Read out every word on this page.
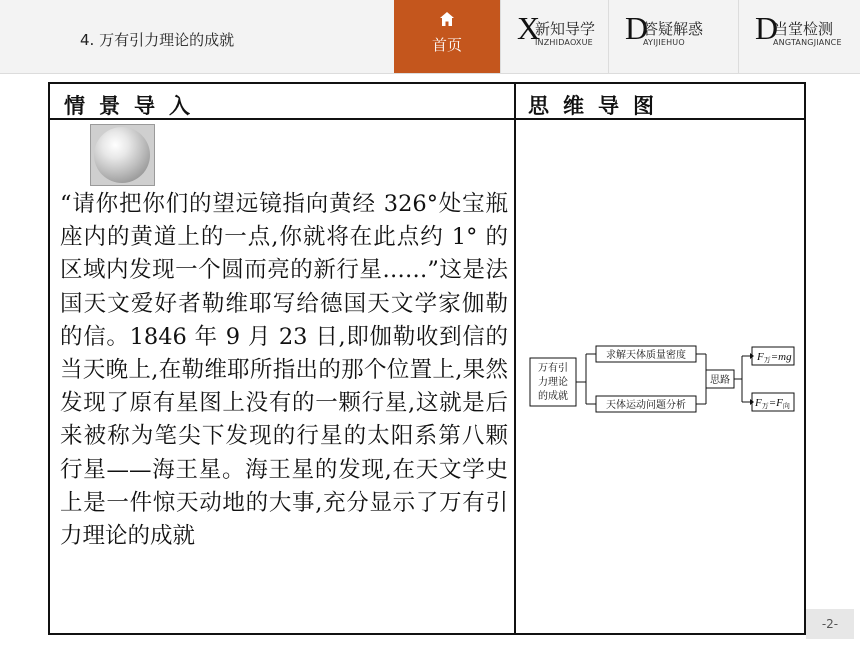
4. 万有引力理论的成就	首页	X
新知导学
INZHIDAOXUE D
答疑解惑
AYIJIEHUO D
当堂检测
ANGTANGJIANCE
情景导入	思维导图
“请你把你们的望远镜指向黄经 326°处宝瓶座内的黄道上的一点,你就将在此点约 1° 的区域内发现一个圆而亮的新行星……”这是法国天文爱好者勒维耶写给德国天文学家伽勒的信。1846 年 9 月 23 日,即伽勒收到信的当天晚上,在勒维耶所指出的那个位置上,果然发现了原有星图上没有的一颗行星,这就是后来被称为笔尖下发现的行星的太阳系第八颗行星——海王星。海王星的发现,在天文学史上是一件惊天动地的大事,充分显示了万有引力理论的成就
万有引
力理论
的成就
求解天体质量密度
天体运动问题分析
思路
F万=mg
F万=F向
-2-
